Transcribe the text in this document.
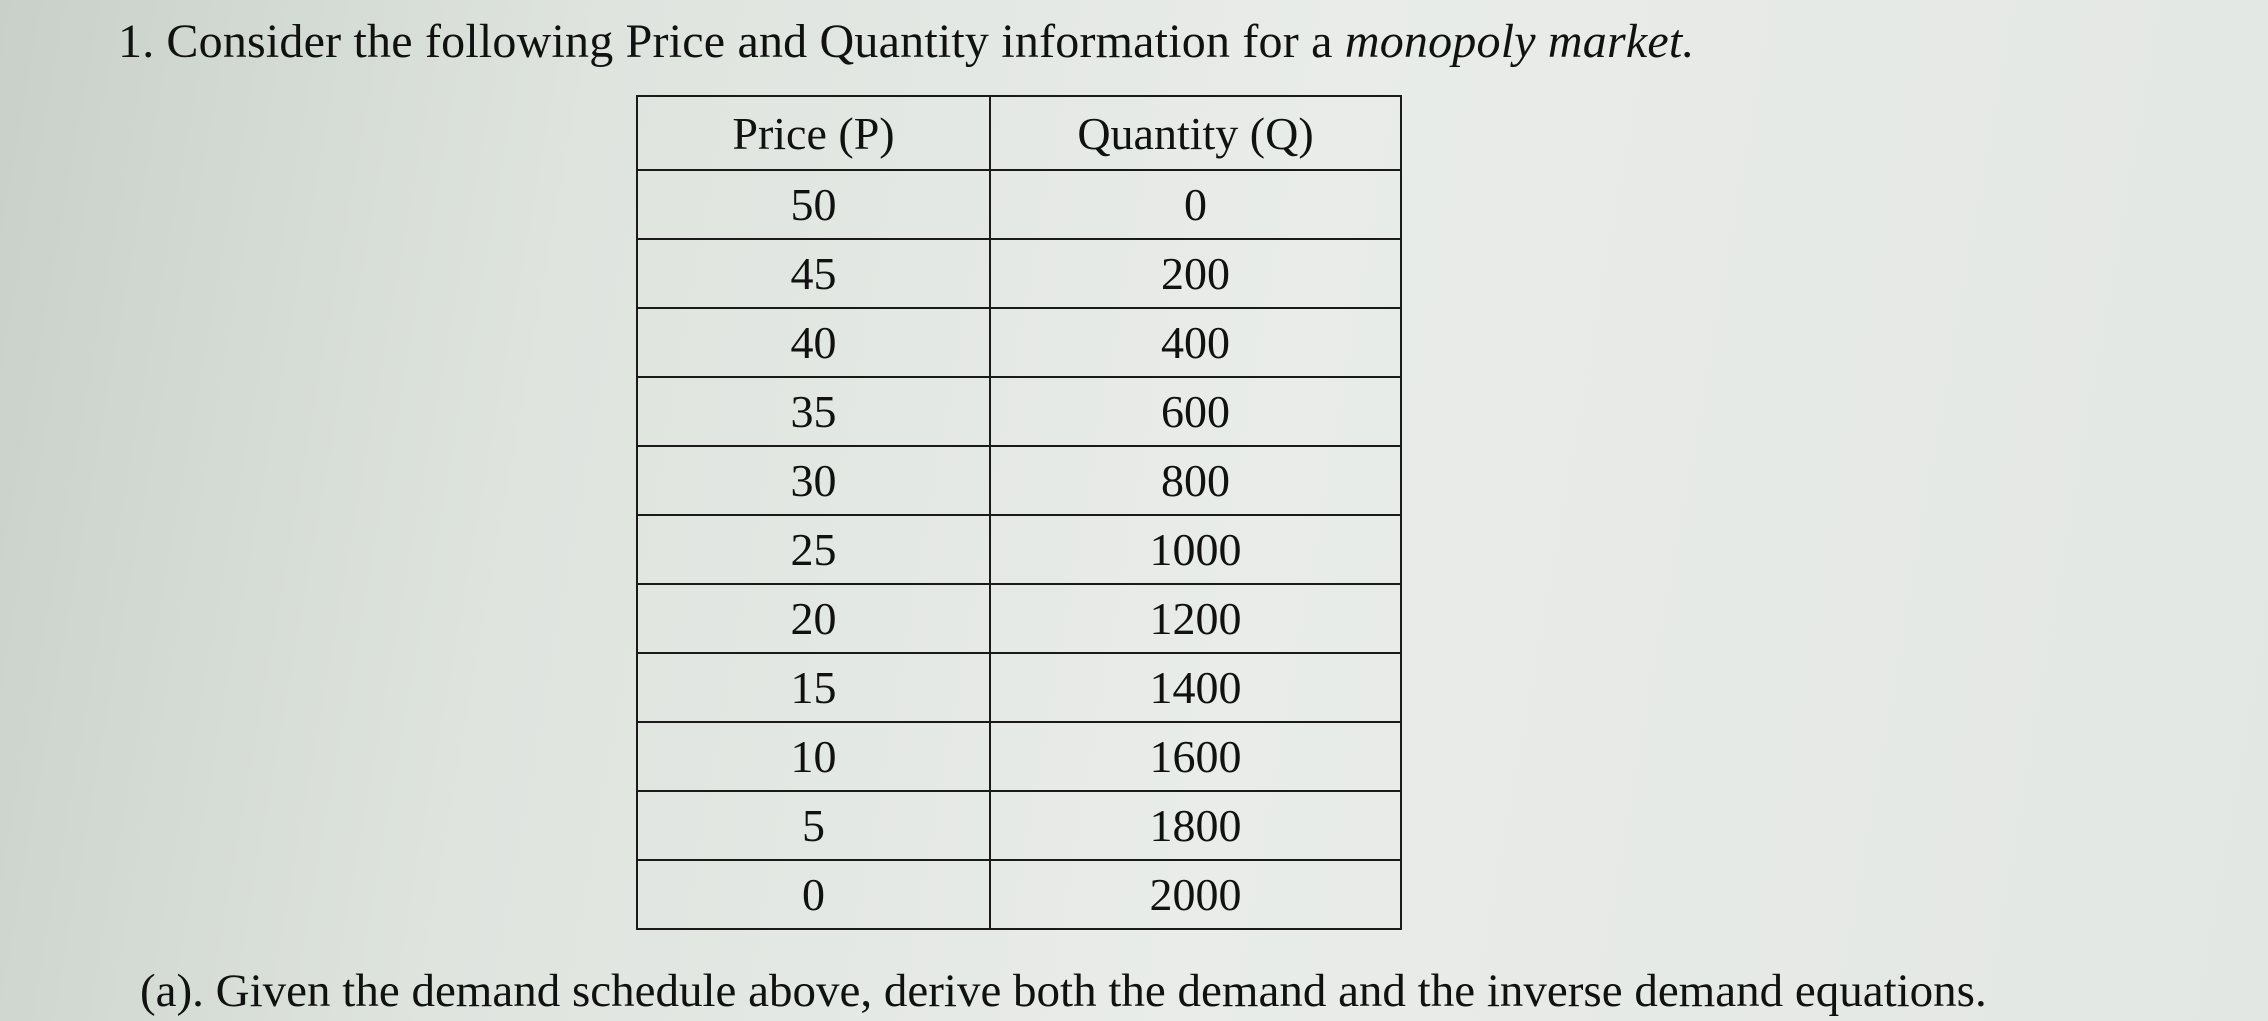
1. Consider the following Price and Quantity information for a monopoly market.
Price (P)	Quantity (Q)
50	0
45	200
40	400
35	600
30	800
25	1000
20	1200
15	1400
10	1600
5	1800
0	2000
(a). Given the demand schedule above, derive both the demand and the inverse demand equations.
